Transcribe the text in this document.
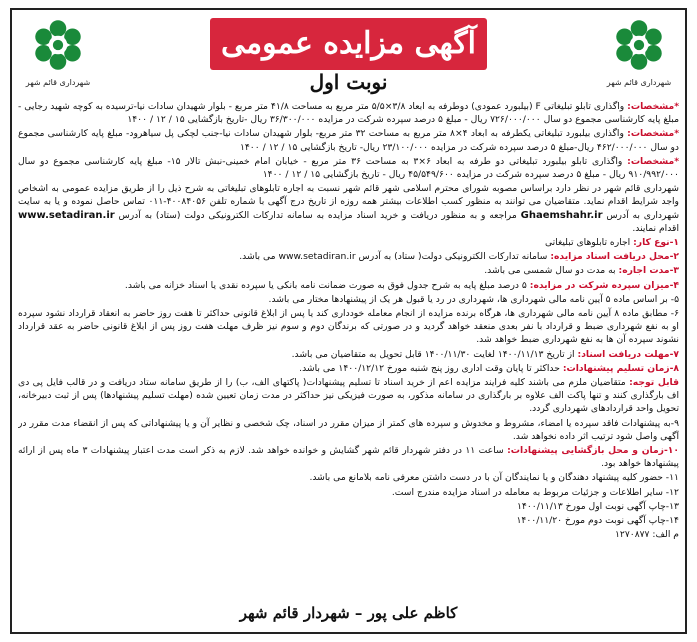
شهرداری قائم شهر	شهرداری قائم شهر
آگهی مزایده عمومی
نوبت اول

*مشخصات: واگذاری تابلو تبلیغاتی F (بیلبورد عمودی) دوطرفه به ابعاد ۳/۸×۵/۵ متر مربع به مساحت ۴۱/۸ متر مربع - بلوار شهیدان سادات نیا-ترسیده به کوچه شهید رجایی - مبلغ پایه کارشناسی مجموع دو سال ۷۲۶/۰۰۰/۰۰۰ ریال - مبلغ ۵ درصد سپرده شرکت در مزایده ۳۶/۳۰۰/۰۰۰ ریال -تاریخ بازگشایی ۱۵ / ۱۲ / ۱۴۰۰

*مشخصات: واگذاری بیلبورد تبلیغاتی یکطرفه به ابعاد ۴×۸ متر مربع به مساحت ۳۲ متر مربع- بلوار شهیدان سادات نیا-جنب لچکی پل سیاهرود- مبلغ پایه کارشناسی مجموع دو سال ۴۶۲/۰۰۰/۰۰۰ ریال-مبلغ ۵ درصد سپرده شرکت در مزایده ۲۳/۱۰۰/۰۰۰ ریال- تاریخ بازگشایی ۱۵ / ۱۲ / ۱۴۰۰

*مشخصات: واگذاری تابلو بیلبورد تبلیغاتی دو طرفه به ابعاد ۶×۳ به مساحت ۳۶ متر مربع - خیابان امام خمینی-نبش تالار ۱۵- مبلغ پایه کارشناسی مجموع دو سال ۹۱۰/۹۹۲/۰۰۰ ریال - مبلغ ۵ درصد سپرده شرکت در مزایده ۴۵/۵۴۹/۶۰۰ ریال - تاریخ بازگشایی ۱۵ / ۱۲ / ۱۴۰۰

شهرداری قائم شهر در نظر دارد براساس مصوبه شورای محترم اسلامی شهر قائم شهر نسبت به اجاره تابلوهای تبلیغاتی به شرح ذیل را از طریق مزایده عمومی به اشخاص واجد شرایط اقدام نماید. متقاضیان می توانند به منظور کسب اطلاعات بیشتر همه روزه از تاریخ درج آگهی با شماره تلفن ۴۰۰۸۴۰۵۶-۰۱۱ تماس حاصل نموده و یا به سایت شهرداری به آدرس Ghaemshahr.ir مراجعه و به منظور دریافت و خرید اسناد مزایده به سامانه تدارکات الکترونیکی دولت (ستاد) به آدرس www.setadiran.ir اقدام نمایند.

۱-نوع کار: اجاره تابلوهای تبلیغاتی

۲-محل دریافت اسناد مزایده: سامانه تدارکات الکترونیکی دولت( ستاد) به آدرس www.setadiran.ir می باشد.

۳-مدت اجاره: به مدت دو سال شمسی می باشد.

۴-میزان سپرده شرکت در مزایده: ۵ درصد مبلغ پایه به شرح جدول فوق به صورت ضمانت نامه بانکی یا سپرده نقدی یا اسناد خزانه می باشد.

۵- بر اساس ماده ۵ آیین نامه مالی شهرداری ها، شهرداری در رد یا قبول هر یک از پیشنهادها مختار می باشد.

۶- مطابق ماده ۸ آیین نامه مالی شهرداری ها، هرگاه برنده مزایده از انجام معامله خودداری کند یا پس از ابلاغ قانونی حداکثر تا هفت روز حاضر به انعقاد قرارداد نشود سپرده او به نفع شهرداری ضبط و قرارداد با نفر بعدی منعقد خواهد گردید و در صورتی که برندگان دوم و سوم نیز ظرف مهلت هفت روز پس از ابلاغ قانونی حاضر به عقد قرارداد نشوند سپرده آن ها به نفع شهرداری ضبط خواهد شد.

۷-مهلت دریافت اسناد: از تاریخ ۱۴۰۰/۱۱/۱۳ لغایت ۱۴۰۰/۱۱/۳۰ قابل تحویل به متقاضیان می باشد.

۸-زمان تسلیم پیشنهادات: حداکثر تا پایان وقت اداری روز پنج شنبه مورخ ۱۴۰۰/۱۲/۱۲ می باشد.

قابل توجه: متقاضیان ملزم می باشند کلیه فرایند مزایده اعم از خرید اسناد تا تسلیم پیشنهادات( پاکتهای الف، ب) را از طریق سامانه ستاد دریافت و در قالب فایل پی دی اف بارگذاری کنند و تنها پاکت الف علاوه بر بارگذاری در سامانه مذکور، به صورت فیزیکی نیز حداکثر در مدت زمان تعیین شده (مهلت تسلیم پیشنهادها) پس از ثبت دبیرخانه، تحویل واحد قراردادهای شهرداری گردد.

۹-به پیشنهادات فاقد سپرده یا امضاء، مشروط و مخدوش و سپرده های کمتر از میزان مقرر در اسناد، چک شخصی و نظایر آن و یا پیشنهاداتی که پس از انقضاء مدت مقرر در آگهی واصل شود ترتیب اثر داده نخواهد شد.

۱۰-زمان و محل بازگشایی پیشنهادات: ساعت ۱۱ در دفتر شهردار قائم شهر گشایش و خوانده خواهد شد. لازم به ذکر است مدت اعتبار پیشنهادات ۳ ماه پس از ارائه پیشنهادها خواهد بود.

۱۱- حضور کلیه پیشنهاد دهندگان و یا نمایندگان آن با در دست داشتن معرفی نامه بلامانع می باشد.

۱۲- سایر اطلاعات و جزئیات مربوط به معامله در اسناد مزایده مندرج است.

۱۳-چاپ آگهی نوبت اول مورخ ۱۴۰۰/۱۱/۱۳

۱۴-چاپ آگهی نوبت دوم مورخ ۱۴۰۰/۱۱/۲۰

م الف: ۱۲۷۰۸۷۷

کاظم علی پور – شهردار قائم شهر
